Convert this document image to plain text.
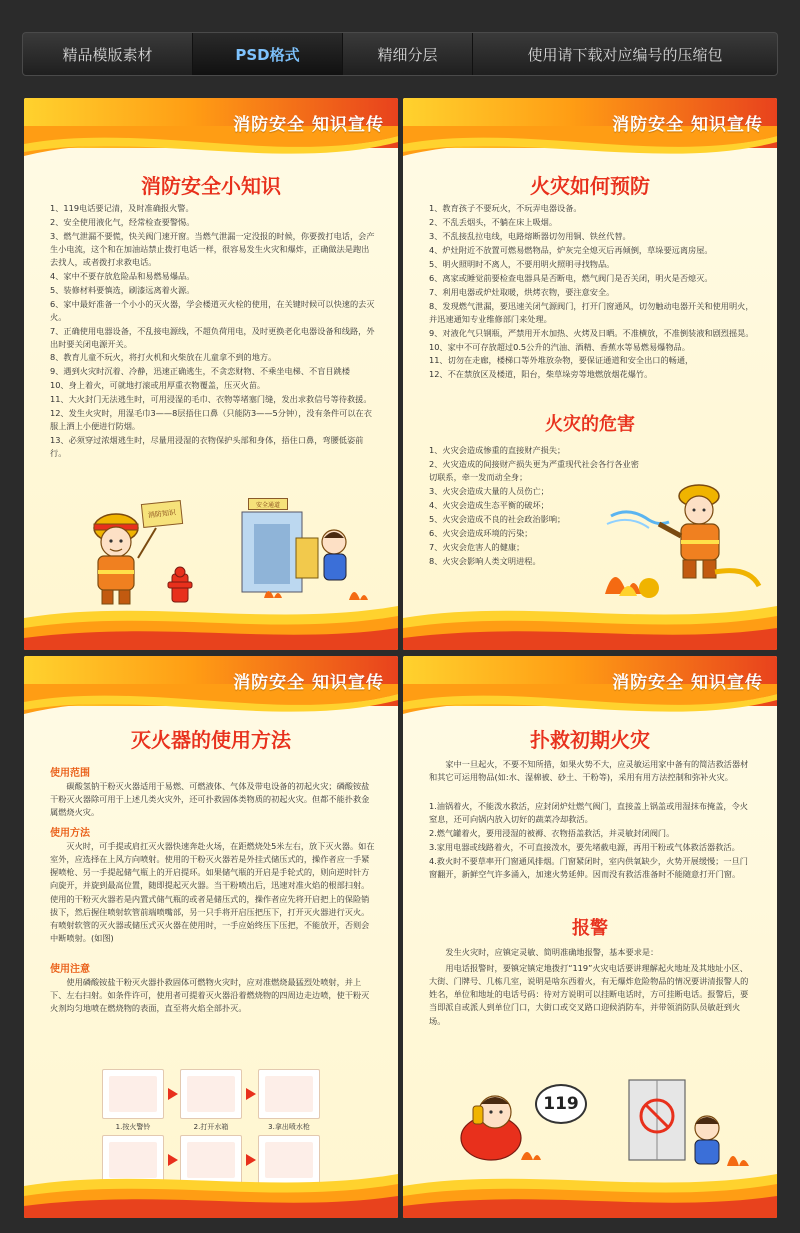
精品模版素材	PSD格式	精细分层	使用请下载对应编号的压缩包
消防安全 知识宣传
消防安全小知识
1、119电话要记清，及时准确报火警。
2、安全使用液化气，经常检查要警惕。
3、燃气泄漏不要慌，快关阀门速开窗。当燃气泄漏一定没报的时候，你要拨打电话，会产生小电流，这个和在加油站禁止拨打电话一样，很容易发生火灾和爆炸，正确做法是跑出去找人，或者拨打求救电话。
4、家中不要存放危险品和易燃易爆品。
5、装修材料要慎选，刷漆远离着火源。
6、家中最好准备一个小小的灭火器，学会楼道灭火栓的使用，在关键时候可以快速的去灭火。
7、正确使用电器设备，不乱接电源线，不超负荷用电，及时更换老化电器设备和线路，外出时要关闭电源开关。
8、教育儿童不玩火，将打火机和火柴放在儿童拿不到的地方。
9、遇到火灾时沉着、冷静，迅速正确逃生，不贪恋财物、不乘坐电梯、不盲目跳楼
10、身上着火，可就地打滚或用厚重衣物覆盖，压灭火苗。
11、大火封门无法逃生时，可用浸湿的毛巾、衣物等堵塞门缝，发出求救信号等待救援。
12、发生火灾时，用湿毛巾3——8层捂住口鼻（只能防3——5分钟），没有条件可以在衣服上洒上小便进行防烟。
13、必须穿过浓烟逃生时，尽量用浸湿的衣物保护头部和身体，捂住口鼻，弯腰低姿前行。
消防知识
安全通道
消防安全 知识宣传
火灾如何预防
1、教育孩子不要玩火，不玩弄电器设备。
2、不乱丢烟头，不躺在床上吸烟。
3、不乱接乱拉电线，电路熔断器切勿用铜、铁丝代替。
4、炉灶附近不放置可燃易燃物品，炉灰完全熄灭后再倾倒，草垛要远离房屋。
5、明火照明时不离人，不要用明火照明寻找物品。
6、离家或睡觉前要检查电器具是否断电，燃气阀门是否关闭，明火是否熄灭。
7、利用电器或炉灶取暖，烘烤衣物，要注意安全。
8、发现燃气泄漏，要迅速关闭气源阀门，打开门窗通风，切勿触动电器开关和使用明火，并迅速通知专业维修部门来处理。
9、对液化气只钢瓶，严禁用开水加热、火烤及日晒。不准横放，不准倒装液和剧烈摇晃。
10、家中不可存放超过0.5公升的汽油、酒精、香蕉水等易燃易爆物品。
11、切勿在走廊，楼梯口等外堆放杂物，要保证通道和安全出口的畅通，
12、不在禁放区及楼道，阳台，柴草垛旁等地燃放烟花爆竹。
火灾的危害
1、火灾会造成惨重的直接财产损失；
2、火灾造成的间接财产损失更为严重现代社会各行各业密切联系，牵一发而动全身；
3、火灾会造成大量的人员伤亡；
4、火灾会造成生态平衡的破坏；
5、火灾会造成不良的社会政治影响；
6、火灾会造成环境的污染；
7、火灾会危害人的健康；
8、火灾会影响人类文明进程。
消防安全 知识宣传
灭火器的使用方法
使用范围
碳酸氢钠干粉灭火器适用于易燃、可燃液体、气体及带电设备的初起火灾；磷酸铵盐干粉灭火器除可用于上述几类火灾外，还可扑救固体类物质的初起火灾。但都不能扑救金属燃烧火灾。
使用方法
灭火时，可手提或肩扛灭火器快速奔赴火场，在距燃烧处5米左右，放下灭火器。如在室外，应选择在上风方向喷射。使用的干粉灭火器若是外挂式储压式的，操作者应一手紧握喷枪、另一手提起储气瓶上的开启提环。如果储气瓶的开启是手轮式的，则向逆时针方向旋开，并旋到最高位置，随即提起灭火器。当干粉喷出后，迅速对准火焰的根部扫射。使用的干粉灭火器若是内置式储气瓶的或者是储压式的，操作者应先将开启把上的保险销拔下，然后握住喷射软管前端喷嘴部，另一只手将开启压把压下，打开灭火器进行灭火。有喷射软管的灭火器或储压式灭火器在使用时，一手应始终压下压把，不能放开，否则会中断喷射。(如图)
使用注意
使用磷酸铵盐干粉灭火器扑救固体可燃物火灾时，应对准燃烧最猛烈处喷射，并上下、左右扫射。如条件许可，使用者可提着灭火器沿着燃烧物的四周边走边喷，使干粉灭火剂均匀地喷在燃烧物的表面，直至将火焰全部扑灭。
1.按火警铃	2.打开水箱	3.拿出喷水枪
消防安全 知识宣传
扑救初期火灾
家中一旦起火，不要不知所措，如果火势不大，应灵敏运用家中备有的简洁救活器材和其它可运用物品(如:水、湿棉被、砂土、干粉等)，采用有用方法控制和弥补火灾。
1.油锅着火，不能泼水救活，应封闭炉灶燃气阀门，直接盖上锅盖或用湿抹布掩盖，令火窒息，还可向锅内放入切好的蔬菜冷却救活。
2.燃气罐着火，要用浸湿的被褥、衣物捂盖救活，并灵敏封闭阀门。
3.家用电器或线路着火，不可直接泼水，要先堵截电源，再用干粉或气体救活器救活。
4.救火时不要草率开门窗通风排烟。门窗紧闭时，室内供氧缺少，火势开展缓慢；一旦门窗翻开，新鲜空气许多涌入，加速火势延伸。因而没有救活准备时不能随意打开门窗。
报警
发生火灾时，应镇定灵敏、简明准确地报警，基本要求是：
用电话报警时，要镇定镇定地拨打“119”火灾电话要讲理解起火地址及其地址小区、大街、门牌号、几栋几室，说明是啥东西着火，有无爆炸危险物品的情况要讲清报警人的姓名，单位和地址的电话号码：待对方说明可以挂断电话时，方可挂断电话。报警后，要当即派自或派人到单位门口，大街口或交叉路口迎候消防车，并带领消防队员敏赶到火场。
119
